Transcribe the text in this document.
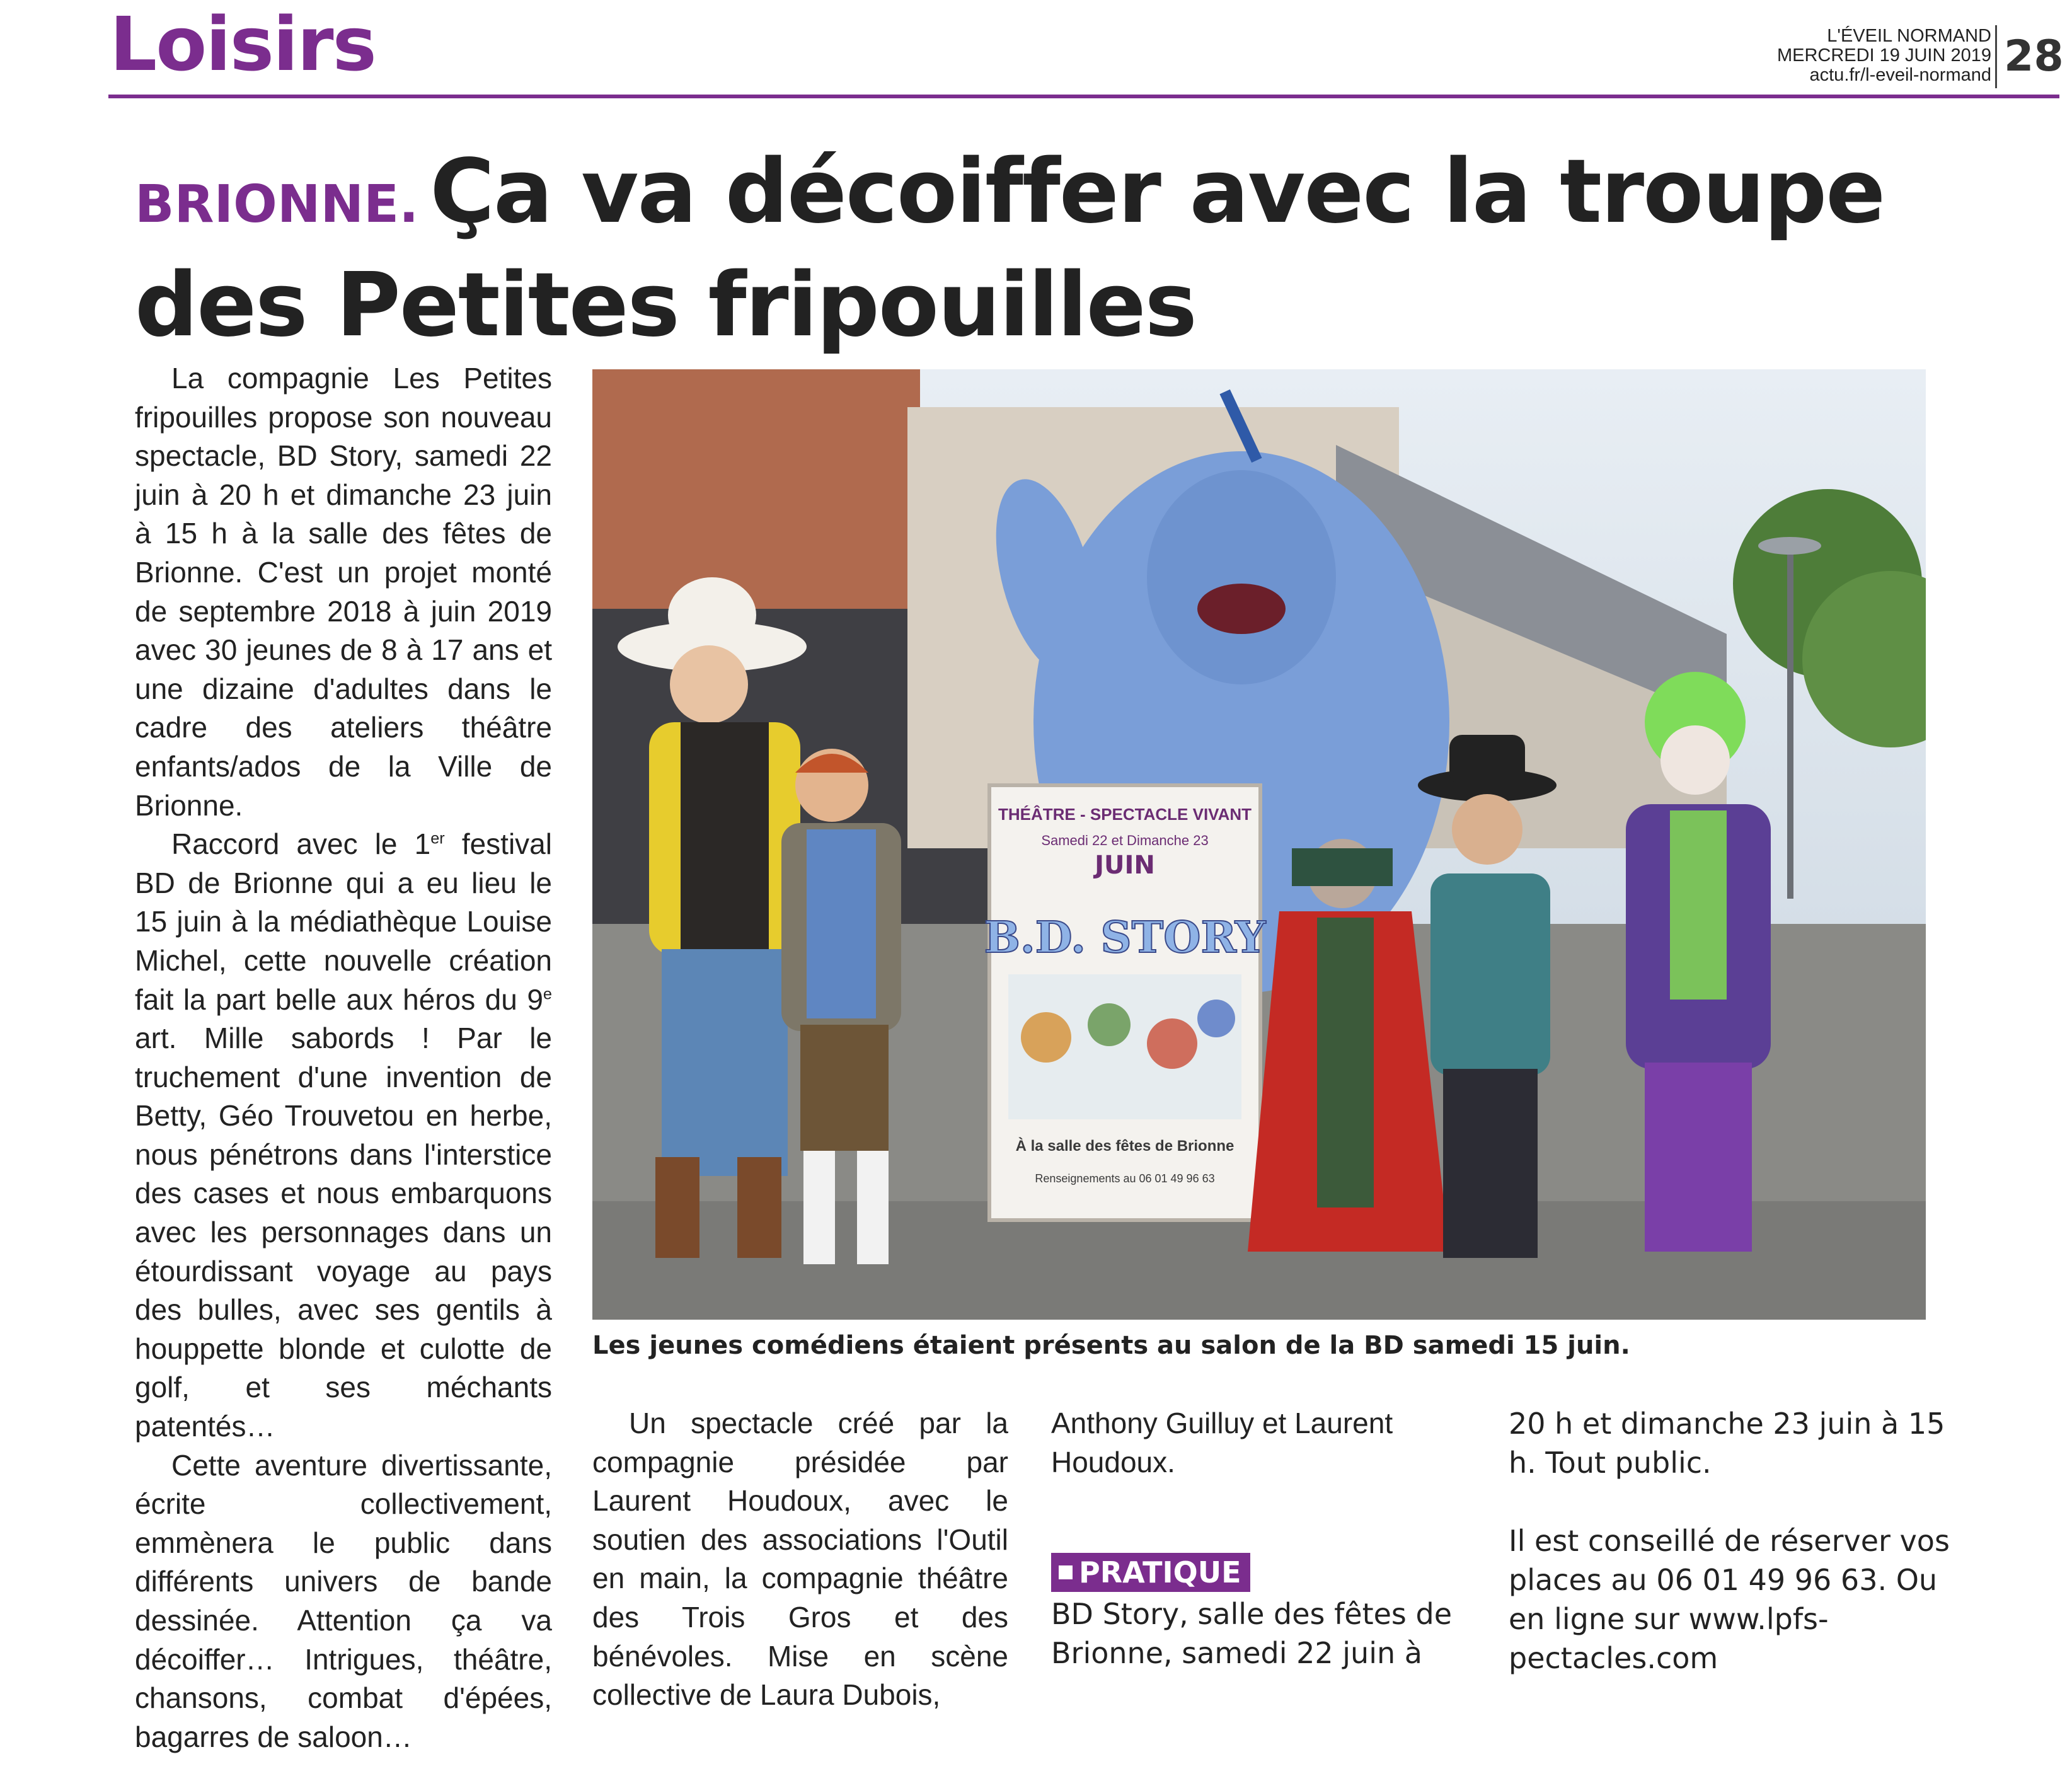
Loisirs	L'ÉVEIL NORMAND
MERCREDI 19 JUIN 2019
actu.fr/l-eveil-normand 28
BRIONNE. Ça va décoiffer avec la troupe
des Petites fripouilles

La compagnie Les Petites fripouilles propose son nouveau spectacle, BD Story, samedi 22 juin à 20 h et dimanche 23 juin à 15 h à la salle des fêtes de Brionne. C'est un projet monté de septembre 2018 à juin 2019 avec 30 jeunes de 8 à 17 ans et une dizaine d'adultes dans le cadre des ateliers théâtre enfants/ados de la Ville de Brionne.

Raccord avec le 1er festival BD de Brionne qui a eu lieu le 15 juin à la médiathèque Louise Michel, cette nouvelle création fait la part belle aux héros du 9e art. Mille sabords ! Par le truchement d'une invention de Betty, Géo Trouvetou en herbe, nous pénétrons dans l'interstice des cases et nous embarquons avec les personnages dans un étourdissant voyage au pays des bulles, avec ses gentils à houppette blonde et culotte de golf, et ses méchants patentés…

Cette aventure divertissante, écrite collectivement, emmènera le public dans différents univers de bande dessinée. Attention ça va décoiffer… Intrigues, théâtre, chansons, combat d'épées, bagarres de saloon…

THÉÂTRE - SPECTACLE VIVANT
Samedi 22 et Dimanche 23
JUIN
B.D. STORY
À la salle des fêtes de Brionne
Renseignements au 06 01 49 96 63
Les jeunes comédiens étaient présents au salon de la BD samedi 15 juin.

Un spectacle créé par la compagnie présidée par Laurent Houdoux, avec le soutien des associations l'Outil en main, la compagnie théâtre des Trois Gros et des bénévoles. Mise en scène collective de Laura Dubois,

Anthony Guilluy et Laurent Houdoux.

BD Story, salle des fêtes de Brionne, samedi 22 juin à

PRATIQUE

20 h et dimanche 23 juin à 15 h. Tout public.

Il est conseillé de réserver vos places au 06 01 49 96 63. Ou en ligne sur www.lpfs-pectacles.com
